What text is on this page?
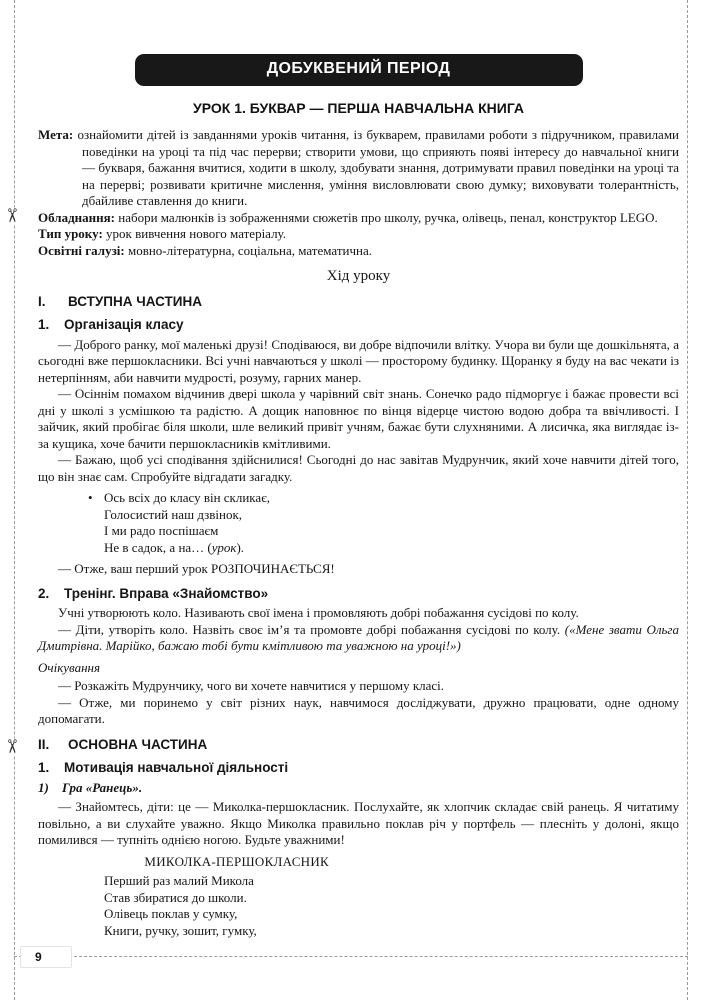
✂
✂
9
ДОБУКВЕНИЙ ПЕРІОД
УРОК 1. БУКВАР — ПЕРША НАВЧАЛЬНА КНИГА

Мета: ознайомити дітей із завданнями уроків читання, із букварем, правилами роботи з підручником, правилами поведінки на уроці та під час перерви; створити умови, що сприяють появі інтересу до навчальної книги — букваря, бажання вчитися, ходити в школу, здобувати знання, дотримувати правил поведінки на уроці та на перерві; розвивати критичне мислення, уміння висловлювати свою думку; виховувати толерантність, дбайливе ставлення до книги.

Обладнання: набори малюнків із зображеннями сюжетів про школу, ручка, олівець, пенал, конструктор LEGO.

Тип уроку: урок вивчення нового матеріалу.

Освітні галузі: мовно-літературна, соціальна, математична.

Хід уроку

I. ВСТУПНА ЧАСТИНА

1. Організація класу

— Доброго ранку, мої маленькі друзі! Сподіваюся, ви добре відпочили влітку. Учора ви були ще дошкільнята, а сьогодні вже першокласники. Всі учні навчаються у школі — просторому будинку. Щоранку я буду на вас чекати із нетерпінням, аби навчити мудрості, розуму, гарних манер.

— Осіннім помахом відчинив двері школа у чарівний світ знань. Сонечко радо підморгує і бажає провести всі дні у школі з усмішкою та радістю. А дощик наповнює по вінця відерце чистою водою добра та ввічливості. І зайчик, який пробігає біля школи, шле великий привіт учням, бажає бути слухняними. А лисичка, яка виглядає із-за кущика, хоче бачити першокласників кмітливими.

— Бажаю, щоб усі сподівання здійснилися! Сьогодні до нас завітав Мудрунчик, який хоче навчити дітей того, що він знає сам. Спробуйте відгадати загадку.

• Ось всіх до класу він скликає,
Голосистий наш дзвінок,
І ми радо поспішаєм
Не в садок, а на… (урок).

— Отже, ваш перший урок РОЗПОЧИНАЄТЬСЯ!

2. Тренінг. Вправа «Знайомство»

Учні утворюють коло. Називають свої імена і промовляють добрі побажання сусідові по колу.

— Діти, утворіть коло. Назвіть своє ім’я та промовте добрі побажання сусідові по колу. («Мене звати Ольга Дмитрівна. Марійко, бажаю тобі бути кмітливою та уважною на уроці!»)

Очікування

— Розкажіть Мудрунчику, чого ви хочете навчитися у першому класі.

— Отже, ми поринемо у світ різних наук, навчимося досліджувати, дружно працювати, одне одному допомагати.

II. ОСНОВНА ЧАСТИНА

1. Мотивація навчальної діяльності

1) Гра «Ранець».

— Знайомтесь, діти: це — Миколка-першокласник. Послухайте, як хлопчик складає свій ранець. Я читатиму повільно, а ви слухайте уважно. Якщо Миколка правильно поклав річ у портфель — плесніть у долоні, якщо помилився — тупніть однією ногою. Будьте уважними!

МИКОЛКА-ПЕРШОКЛАСНИК
Перший раз малий Микола
Став збиратися до школи.
Олівець поклав у сумку,
Книги, ручку, зошит, гумку,
